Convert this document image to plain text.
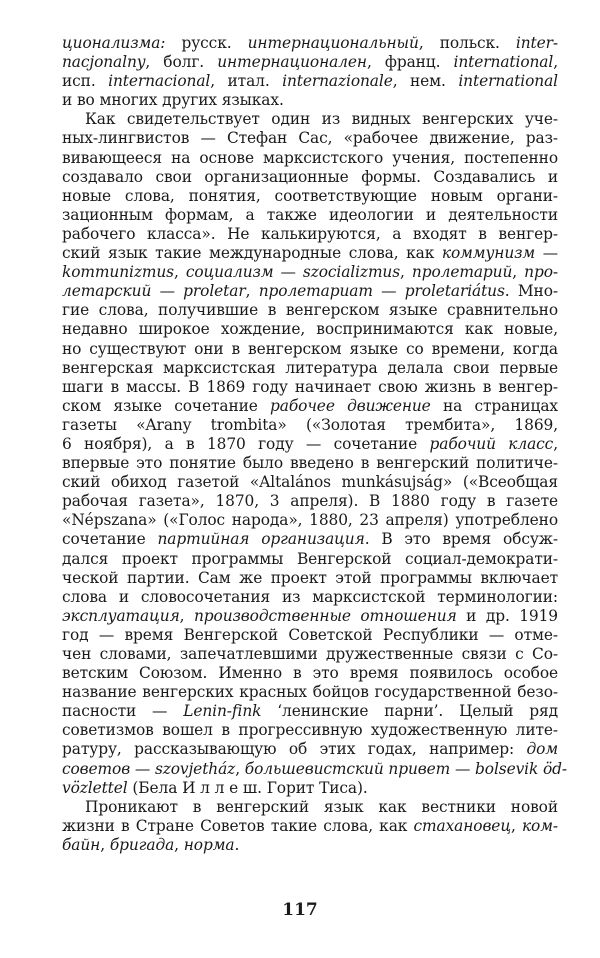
ционализма: русск. интернациональный, польск. inter-
nacjonalny, болг. интернационален, франц. international,
исп. internacional, итал. internazionale, нем. international
и во многих других языках.
Как свидетельствует один из видных венгерских уче-
ных-лингвистов — Стефан Сас, «рабочее движение, раз-
вивающееся на основе марксистского учения, постепенно
создавало свои организационные формы. Создавались и
новые слова, понятия, соответствующие новым органи-
зационным формам, а также идеологии и деятельности
рабочего класса». Не калькируются, а входят в венгер-
ский язык такие международные слова, как коммунизм —
kommunizmus, социализм — szocializmus, пролетарий, про-
летарский — proletar, пролетариат — proletariátus. Мно-
гие слова, получившие в венгерском языке сравнительно
недавно широкое хождение, воспринимаются как новые,
но существуют они в венгерском языке со времени, когда
венгерская марксистская литература делала свои первые
шаги в массы. В 1869 году начинает свою жизнь в венгер-
ском языке сочетание рабочее движение на страницах
газеты «Arany trombita» («Золотая трембита», 1869,
6 ноября), а в 1870 году — сочетание рабочий класс,
впервые это понятие было введено в венгерский политиче-
ский обиход газетой «Altalános munkásujság» («Всеобщая
рабочая газета», 1870, 3 апреля). В 1880 году в газете
«Népszana» («Голос народа», 1880, 23 апреля) употреблено
сочетание партийная организация. В это время обсуж-
дался проект программы Венгерской социал-демократи-
ческой партии. Сам же проект этой программы включает
слова и словосочетания из марксистской терминологии:
эксплуатация, производственные отношения и др. 1919
год — время Венгерской Советской Республики — отме-
чен словами, запечатлевшими дружественные связи с Со-
ветским Союзом. Именно в это время появилось особое
название венгерских красных бойцов государственной безо-
пасности — Lenin-fink ‘ленинские парни’. Целый ряд
советизмов вошел в прогрессивную художественную лите-
ратуру, рассказывающую об этих годах, например: дом
советов — szovjetház, большевистский привет — bolsevik öd-
vözlettel (Бела И л л е ш. Горит Тиса).
Проникают в венгерский язык как вестники новой
жизни в Стране Советов такие слова, как стахановец, ком-
байн, бригада, норма.
117
